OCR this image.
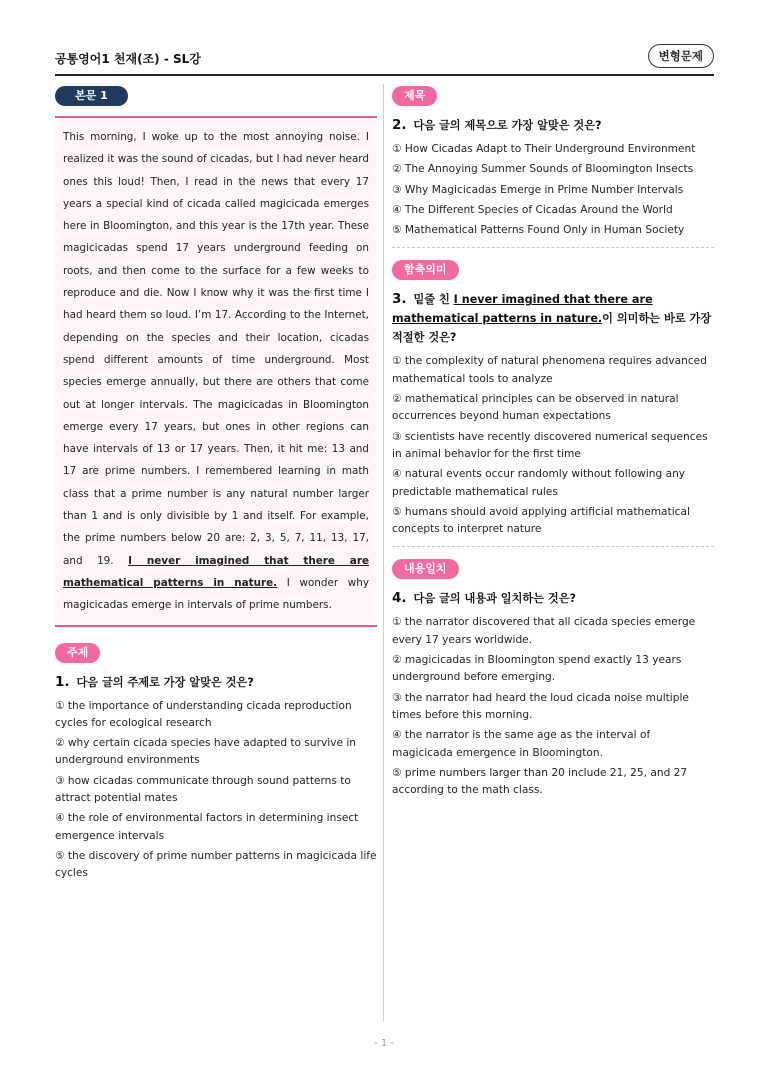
공통영어1 천재(조) - SL강	변형문제
본문 1
This morning, I woke up to the most annoying noise. I realized it was the sound of cicadas, but I had never heard ones this loud! Then, I read in the news that every 17 years a special kind of cicada called magicicada emerges here in Bloomington, and this year is the 17th year. These magicicadas spend 17 years underground feeding on roots, and then come to the surface for a few weeks to reproduce and die. Now I know why it was the first time I had heard them so loud. I’m 17. According to the Internet, depending on the species and their location, cicadas spend different amounts of time underground. Most species emerge annually, but there are others that come out at longer intervals. The magicicadas in Bloomington emerge every 17 years, but ones in other regions can have intervals of 13 or 17 years. Then, it hit me: 13 and 17 are prime numbers. I remembered learning in math class that a prime number is any natural number larger than 1 and is only divisible by 1 and itself. For example, the prime numbers below 20 are: 2, 3, 5, 7, 11, 13, 17, and 19. I never imagined that there are mathematical patterns in nature. I wonder why magicicadas emerge in intervals of prime numbers.
주제
1. 다음 글의 주제로 가장 알맞은 것은?
① the importance of understanding cicada reproduction cycles for ecological research
② why certain cicada species have adapted to survive in underground environments
③ how cicadas communicate through sound patterns to attract potential mates
④ the role of environmental factors in determining insect emergence intervals
⑤ the discovery of prime number patterns in magicicada life cycles
제목
2. 다음 글의 제목으로 가장 알맞은 것은?
① How Cicadas Adapt to Their Underground Environment
② The Annoying Summer Sounds of Bloomington Insects
③ Why Magicicadas Emerge in Prime Number Intervals
④ The Different Species of Cicadas Around the World
⑤ Mathematical Patterns Found Only in Human Society
함축의미
3. 밑줄 친 I never imagined that there are mathematical patterns in nature.이 의미하는 바로 가장 적절한 것은?
① the complexity of natural phenomena requires advanced mathematical tools to analyze
② mathematical principles can be observed in natural occurrences beyond human expectations
③ scientists have recently discovered numerical sequences in animal behavior for the first time
④ natural events occur randomly without following any predictable mathematical rules
⑤ humans should avoid applying artificial mathematical concepts to interpret nature
내용일치
4. 다음 글의 내용과 일치하는 것은?
① the narrator discovered that all cicada species emerge every 17 years worldwide.
② magicicadas in Bloomington spend exactly 13 years underground before emerging.
③ the narrator had heard the loud cicada noise multiple times before this morning.
④ the narrator is the same age as the interval of magicicada emergence in Bloomington.
⑤ prime numbers larger than 20 include 21, 25, and 27 according to the math class.
- 1 -
